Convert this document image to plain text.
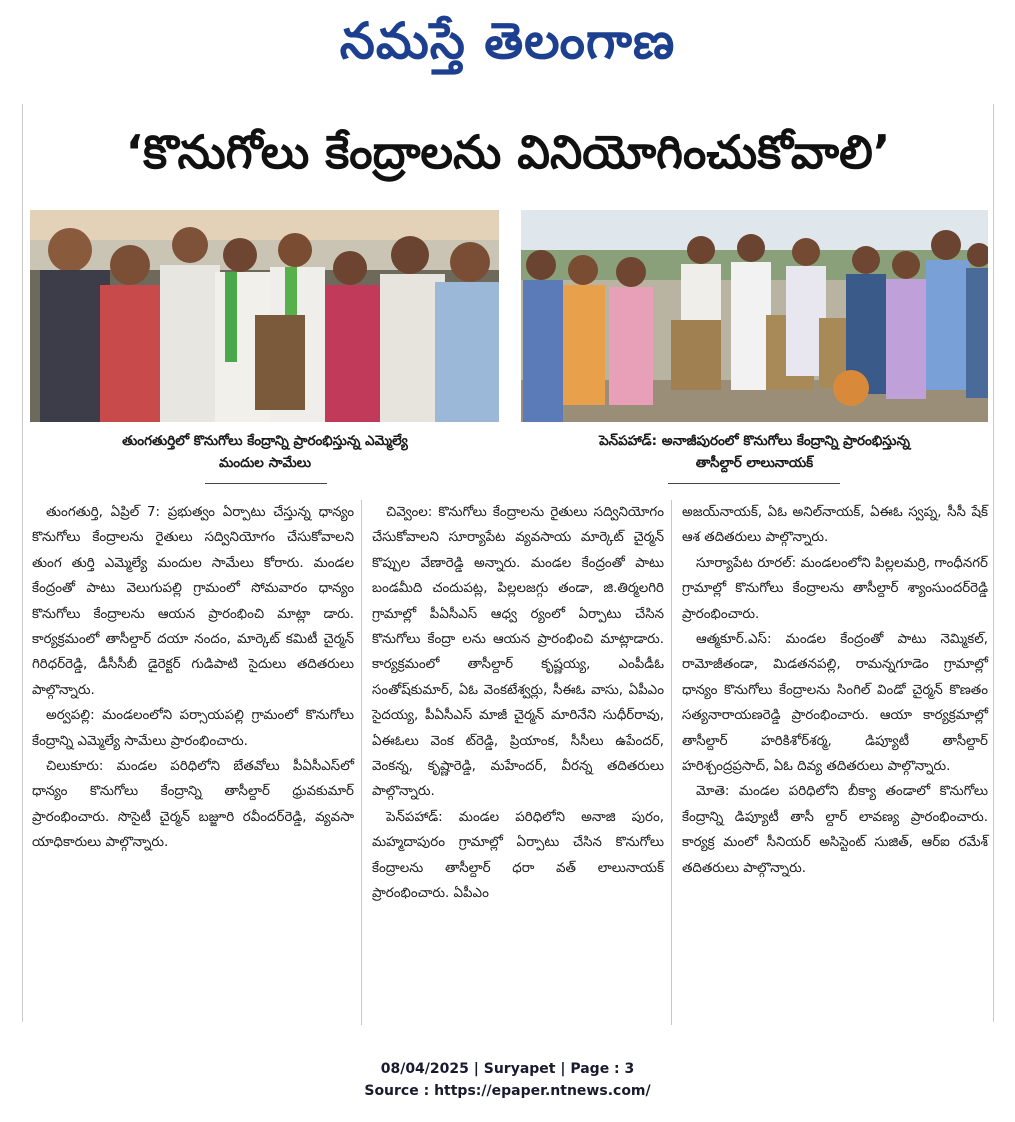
నమస్తే తెలంగాణ
‘కొనుగోలు కేంద్రాలను వినియోగించుకోవాలి’
తుంగతుర్తిలో కొనుగోలు కేంద్రాన్ని ప్రారంభిస్తున్న ఎమ్మెల్యే
మందుల సామేలు
పెన్‌పహాడ్‌: అనాజీపురంలో కొనుగోలు కేంద్రాన్ని ప్రారంభిస్తున్న
తాసీల్దార్‌ లాలునాయక్‌

తుంగతుర్తి, ఏప్రిల్‌ 7: ప్రభుత్వం ఏర్పాటు చేస్తున్న ధాన్యం కొనుగోలు కేంద్రాలను రైతులు సద్వినియోగం చేసుకోవాలని తుంగ తుర్తి ఎమ్మెల్యే మందుల సామేలు కోరారు. మండల కేంద్రంతో పాటు వెలుగుపల్లి గ్రామంలో సోమవారం ధాన్యం కొనుగోలు కేంద్రాలను ఆయన ప్రారంభించి మాట్లా డారు. కార్యక్రమంలో తాసీల్దార్‌ దయా నందం, మార్కెట్‌ కమిటీ చైర్మన్‌ గిరిధర్‌రెడ్డి, డీసీసీబీ డైరెక్టర్‌ గుడిపాటి సైదులు తదితరులు పాల్గొన్నారు.

అర్వపల్లి: మండలంలోని పర్సాయపల్లి గ్రామంలో కొనుగోలు కేంద్రాన్ని ఎమ్మెల్యే సామేలు ప్రారంభించారు.

చిలుకూరు: మండల పరిధిలోని బేతవోలు పీఏసీఎస్‌లో ధాన్యం కొనుగోలు కేంద్రాన్ని తాసీల్దార్‌ ధ్రువకుమార్‌ ప్రారంభించారు. సొసైటీ చైర్మన్‌ బజ్జూరి రవీందర్‌రెడ్డి, వ్యవసా యాధికారులు పాల్గొన్నారు.

చివ్వెంల: కొనుగోలు కేంద్రాలను రైతులు సద్వినియోగం చేసుకోవాలని సూర్యాపేట వ్యవసాయ మార్కెట్‌ చైర్మన్‌ కొప్పుల వేణారెడ్డి అన్నారు. మండల కేంద్రంతో పాటు బండమీది చందుపట్ల, పిల్లలజగ్గు తండా, జి.తిర్మలగిరి గ్రామాల్లో పీఏసీఎస్‌ ఆధ్వ ర్యంలో ఏర్పాటు చేసిన కొనుగోలు కేంద్రా లను ఆయన ప్రారంభించి మాట్లాడారు. కార్యక్రమంలో తాసీల్దార్‌ కృష్ణయ్య, ఎంపీడీఓ సంతోష్‌కుమార్‌, ఏఓ వెంకటేశ్వర్లు, సీఈఓ వాసు, ఏపీఎం సైదయ్య, పీఏసీఎస్‌ మాజీ చైర్మన్‌ మారినేని సుధీర్‌రావు, ఏఈఓలు వెంక ట్‌రెడ్డి, ప్రియాంక, సీసీలు ఉపేందర్‌, వెంకన్న, కృష్ణారెడ్డి, మహేందర్‌, వీరన్న తదితరులు పాల్గొన్నారు.

పెన్‌పహాడ్‌: మండల పరిధిలోని అనాజి పురం, మహ్మదాపురం గ్రామాల్లో ఏర్పాటు చేసిన కొనుగోలు కేంద్రాలను తాసీల్దార్‌ ధరా వత్‌ లాలునాయక్‌ ప్రారంభించారు. ఏపీఎం

అజయ్‌నాయక్‌, ఏఓ అనిల్‌నాయక్‌, ఏఈఓ స్వప్న, సీసీ షేక్‌ ఆశ తదితరులు పాల్గొన్నారు.

సూర్యాపేట రూరల్‌: మండలంలోని పిల్లలమర్రి, గాంధీనగర్‌ గ్రామాల్లో కొనుగోలు కేంద్రాలను తాసీల్దార్‌ శ్యాంసుందర్‌రెడ్డి ప్రారంభించారు.

ఆత్మకూర్‌.ఎస్‌: మండల కేంద్రంతో పాటు నెమ్మికల్‌, రామోజీతండా, మిడతనపల్లి, రామన్నగూడెం గ్రామాల్లో ధాన్యం కొనుగోలు కేంద్రాలను సింగిల్‌ విండో చైర్మన్‌ కొణతం సత్యనారాయణరెడ్డి ప్రారంభించారు. ఆయా కార్యక్రమాల్లో తాసీల్దార్‌ హరికిశోర్‌శర్మ, డిప్యూటీ తాసీల్దార్‌ హరిశ్చంద్రప్రసాద్‌, ఏఓ దివ్య తదితరులు పాల్గొన్నారు.

మోతె: మండల పరిధిలోని బీక్యా తండాలో కొనుగోలు కేంద్రాన్ని డిప్యూటీ తాసీ ల్దార్‌ లావణ్య ప్రారంభించారు. కార్యక్ర మంలో సీనియర్‌ అసిస్టెంట్‌ సుజిత్‌, ఆర్‌ఐ రమేశ్‌ తదితరులు పాల్గొన్నారు.

08/04/2025 | Suryapet | Page : 3
Source : https://epaper.ntnews.com/
